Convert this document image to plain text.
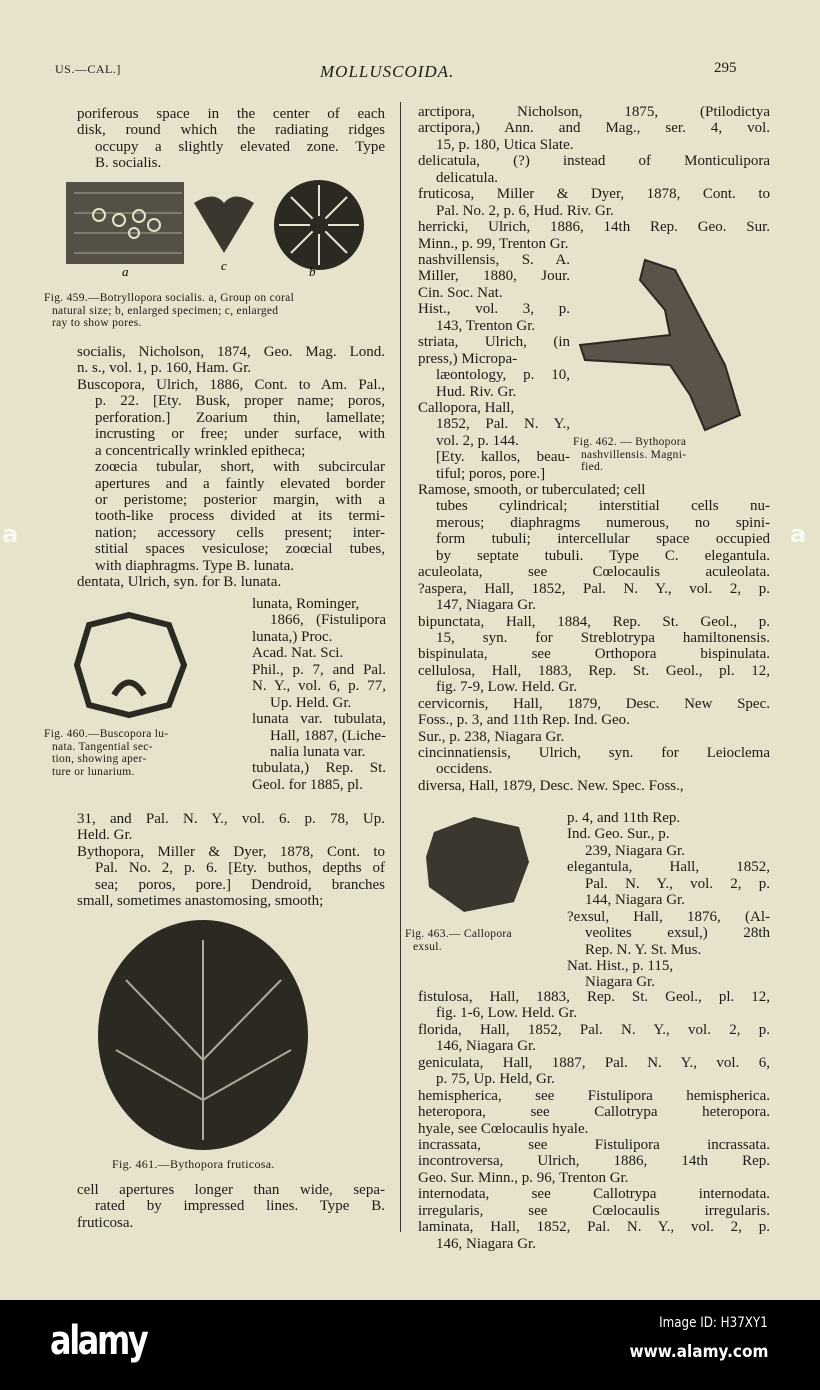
US.—CAL.]	MOLLUSCOIDA.	295
poriferous space in the center of each
disk, round which the radiating ridges
occupy a slightly elevated zone. Type
B. socialis.
a	c	b
Fig. 459.—Botryllopora socialis. a, Group on coral
natural size; b, enlarged specimen; c, enlarged
ray to show pores.
socialis, Nicholson, 1874, Geo. Mag. Lond.
n. s., vol. 1, p. 160, Ham. Gr.
Buscopora, Ulrich, 1886, Cont. to Am. Pal.,
p. 22. [Ety. Busk, proper name; poros,
perforation.] Zoarium thin, lamellate;
incrusting or free; under surface, with
a concentrically wrinkled epitheca;
zoœcia tubular, short, with subcircular
apertures and a faintly elevated border
or peristome; posterior margin, with a
tooth-like process divided at its termi-
nation; accessory cells present; inter-
stitial spaces vesiculose; zoœcial tubes,
with diaphragms. Type B. lunata.
dentata, Ulrich, syn. for B. lunata.
lunata, Rominger,
1866, (Fistulipora
lunata,) Proc.
Acad. Nat. Sci.
Phil., p. 7, and Pal.
N. Y., vol. 6, p. 77,
Up. Held. Gr.
lunata var. tubulata,
Hall, 1887, (Liche-
nalia lunata var.
tubulata,) Rep. St.
Geol. for 1885, pl.
Fig. 460.—Buscopora lu-
nata. Tangential sec-
tion, showing aper-
ture or lunarium.
31, and Pal. N. Y., vol. 6. p. 78, Up.
Held. Gr.
Bythopora, Miller & Dyer, 1878, Cont. to
Pal. No. 2, p. 6. [Ety. buthos, depths of
sea; poros, pore.] Dendroid, branches
small, sometimes anastomosing, smooth;
Fig. 461.—Bythopora fruticosa.
cell apertures longer than wide, sepa-
rated by impressed lines. Type B.
fruticosa.
arctipora, Nicholson, 1875, (Ptilodictya
arctipora,) Ann. and Mag., ser. 4, vol.
15, p. 180, Utica Slate.
delicatula, (?) instead of Monticulipora
delicatula.
fruticosa, Miller & Dyer, 1878, Cont. to
Pal. No. 2, p. 6, Hud. Riv. Gr.
herricki, Ulrich, 1886, 14th Rep. Geo. Sur.
Minn., p. 99, Trenton Gr.
nashvillensis, S. A.
Miller, 1880, Jour.
Cin. Soc. Nat.
Hist., vol. 3, p.
143, Trenton Gr.
striata, Ulrich, (in
press,) Micropa-
læontology, p. 10,
Hud. Riv. Gr.
Callopora, Hall,
1852, Pal. N. Y.,
vol. 2, p. 144.
[Ety. kallos, beau-
tiful; poros, pore.]
Fig. 462. — Bythopora
nashvillensis. Magni-
fied.
Ramose, smooth, or tuberculated; cell
tubes cylindrical; interstitial cells nu-
merous; diaphragms numerous, no spini-
form tubuli; intercellular space occupied
by septate tubuli. Type C. elegantula.
aculeolata, see Cœlocaulis aculeolata.
?aspera, Hall, 1852, Pal. N. Y., vol. 2, p.
147, Niagara Gr.
bipunctata, Hall, 1884, Rep. St. Geol., p.
15, syn. for Streblotrypa hamiltonensis.
bispinulata, see Orthopora bispinulata.
cellulosa, Hall, 1883, Rep. St. Geol., pl. 12,
fig. 7-9, Low. Held. Gr.
cervicornis, Hall, 1879, Desc. New Spec.
Foss., p. 3, and 11th Rep. Ind. Geo.
Sur., p. 238, Niagara Gr.
cincinnatiensis, Ulrich, syn. for Leioclema
occidens.
diversa, Hall, 1879, Desc. New. Spec. Foss.,
p. 4, and 11th Rep.
Ind. Geo. Sur., p.
239, Niagara Gr.
elegantula, Hall, 1852,
Pal. N. Y., vol. 2, p.
144, Niagara Gr.
?exsul, Hall, 1876, (Al-
veolites exsul,) 28th
Rep. N. Y. St. Mus.
Nat. Hist., p. 115,
Niagara Gr.
Fig. 463.— Callopora
exsul.
fistulosa, Hall, 1883, Rep. St. Geol., pl. 12,
fig. 1-6, Low. Held. Gr.
florida, Hall, 1852, Pal. N. Y., vol. 2, p.
146, Niagara Gr.
geniculata, Hall, 1887, Pal. N. Y., vol. 6,
p. 75, Up. Held, Gr.
hemispherica, see Fistulipora hemispherica.
heteropora, see Callotrypa heteropora.
hyale, see Cœlocaulis hyale.
incrassata, see Fistulipora incrassata.
incontroversa, Ulrich, 1886, 14th Rep.
Geo. Sur. Minn., p. 96, Trenton Gr.
internodata, see Callotrypa internodata.
irregularis, see Cœlocaulis irregularis.
laminata, Hall, 1852, Pal. N. Y., vol. 2, p.
146, Niagara Gr.
a	a
alamy	Image ID: H37XY1
www.alamy.com
